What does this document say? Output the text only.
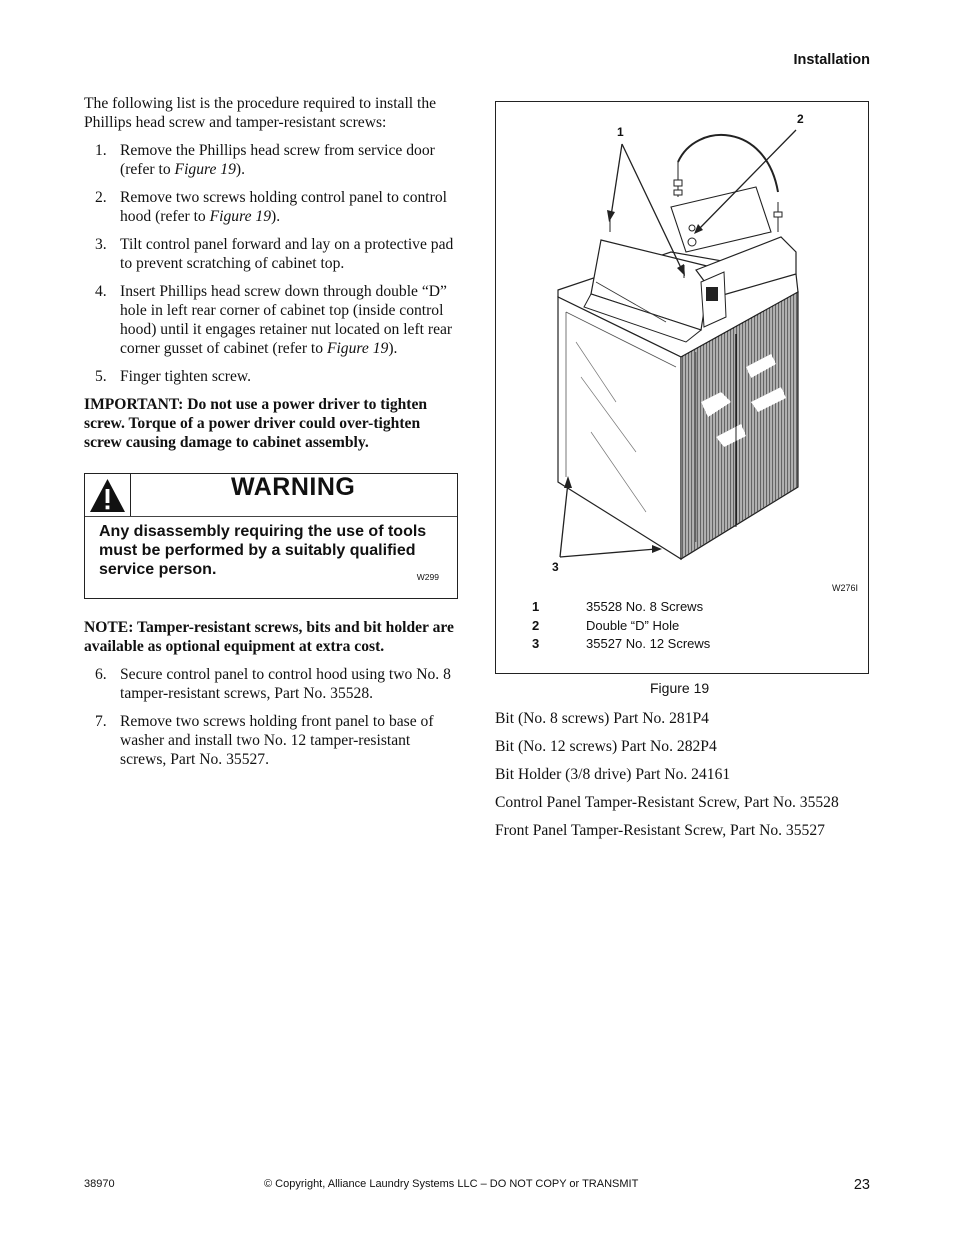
Installation

The following list is the procedure required to install the Phillips head screw and tamper-resistant screws:

1. Remove the Phillips head screw from service door (refer to Figure 19).
2. Remove two screws holding control panel to control hood (refer to Figure 19).
3. Tilt control panel forward and lay on a protective pad to prevent scratching of cabinet top.
4. Insert Phillips head screw down through double “D” hole in left rear corner of cabinet top (inside control hood) until it engages retainer nut located on left rear corner gusset of cabinet (refer to Figure 19).
5. Finger tighten screw.

IMPORTANT: Do not use a power driver to tighten screw. Torque of a power driver could over-tighten screw causing damage to cabinet assembly.

WARNING
Any disassembly requiring the use of tools must be performed by a suitably qualified service person.	W299

NOTE: Tamper-resistant screws, bits and bit holder are available as optional equipment at extra cost.

6. Secure control panel to control hood using two No. 8 tamper-resistant screws, Part No. 35528.
7. Remove two screws holding front panel to base of washer and install two No. 12 tamper-resistant screws, Part No. 35527.
1
2
3
W276I
1	35528 No. 8 Screws
2	Double “D” Hole
3	35527 No. 12 Screws
Figure 19
Bit (No. 8 screws) Part No. 281P4
Bit (No. 12 screws) Part No. 282P4
Bit Holder (3/8 drive) Part No. 24161
Control Panel Tamper-Resistant Screw, Part No. 35528
Front Panel Tamper-Resistant Screw, Part No. 35527
38970	© Copyright, Alliance Laundry Systems LLC – DO NOT COPY or TRANSMIT	23
